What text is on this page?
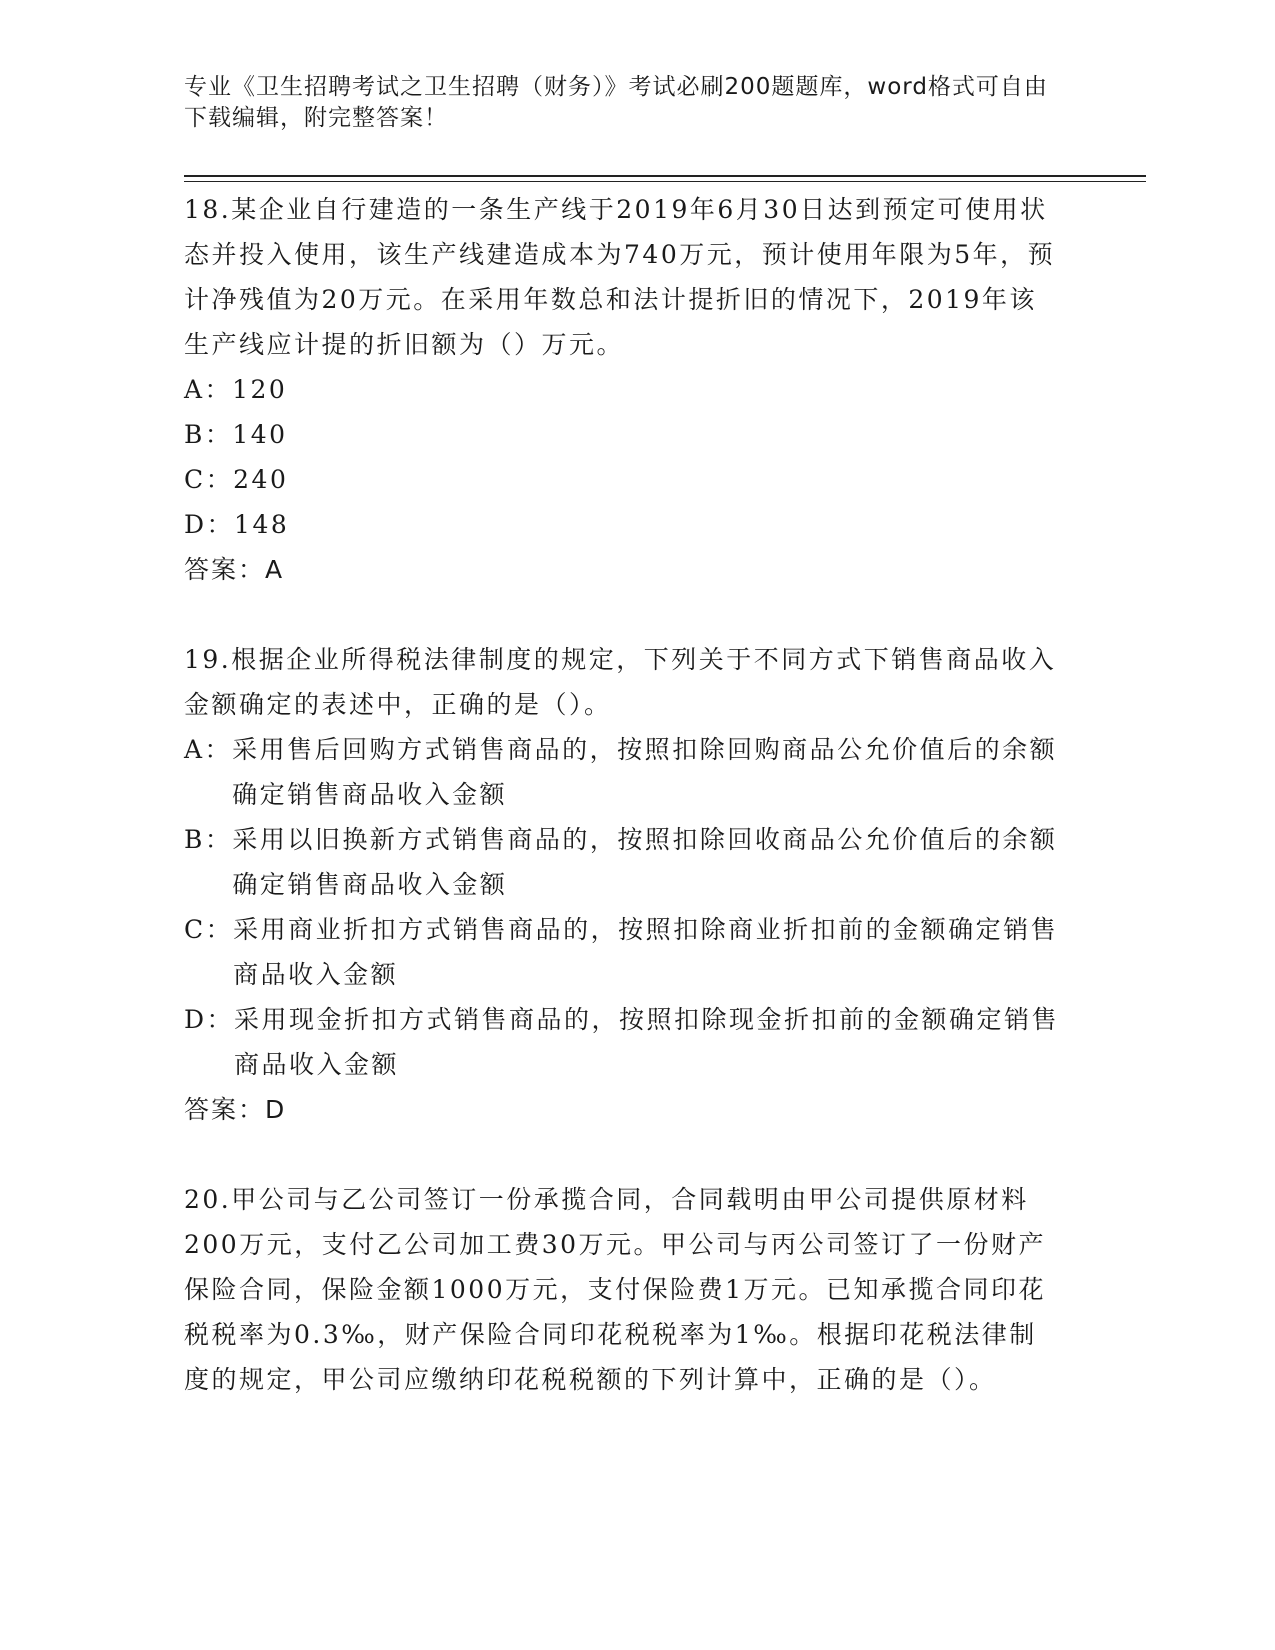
专业《卫生招聘考试之卫生招聘（财务）》考试必刷200题题库，word格式可自由下载编辑，附完整答案！

18.某企业自行建造的一条生产线于2019年6月30日达到预定可使用状态并投入使用，该生产线建造成本为740万元，预计使用年限为5年，预计净残值为20万元。在采用年数总和法计提折旧的情况下，2019年该生产线应计提的折旧额为（）万元。

A： 120
B： 140
C： 240
D： 148

答案：A

19.根据企业所得税法律制度的规定，下列关于不同方式下销售商品收入金额确定的表述中，正确的是（）。

A： 采用售后回购方式销售商品的，按照扣除回购商品公允价值后的余额确定销售商品收入金额
B： 采用以旧换新方式销售商品的，按照扣除回收商品公允价值后的余额确定销售商品收入金额
C： 采用商业折扣方式销售商品的，按照扣除商业折扣前的金额确定销售商品收入金额
D： 采用现金折扣方式销售商品的，按照扣除现金折扣前的金额确定销售商品收入金额

答案：D

20.甲公司与乙公司签订一份承揽合同，合同载明由甲公司提供原材料200万元，支付乙公司加工费30万元。甲公司与丙公司签订了一份财产保险合同，保险金额1000万元，支付保险费1万元。已知承揽合同印花税税率为0.3‰，财产保险合同印花税税率为1‰。根据印花税法律制度的规定，甲公司应缴纳印花税税额的下列计算中，正确的是（）。
